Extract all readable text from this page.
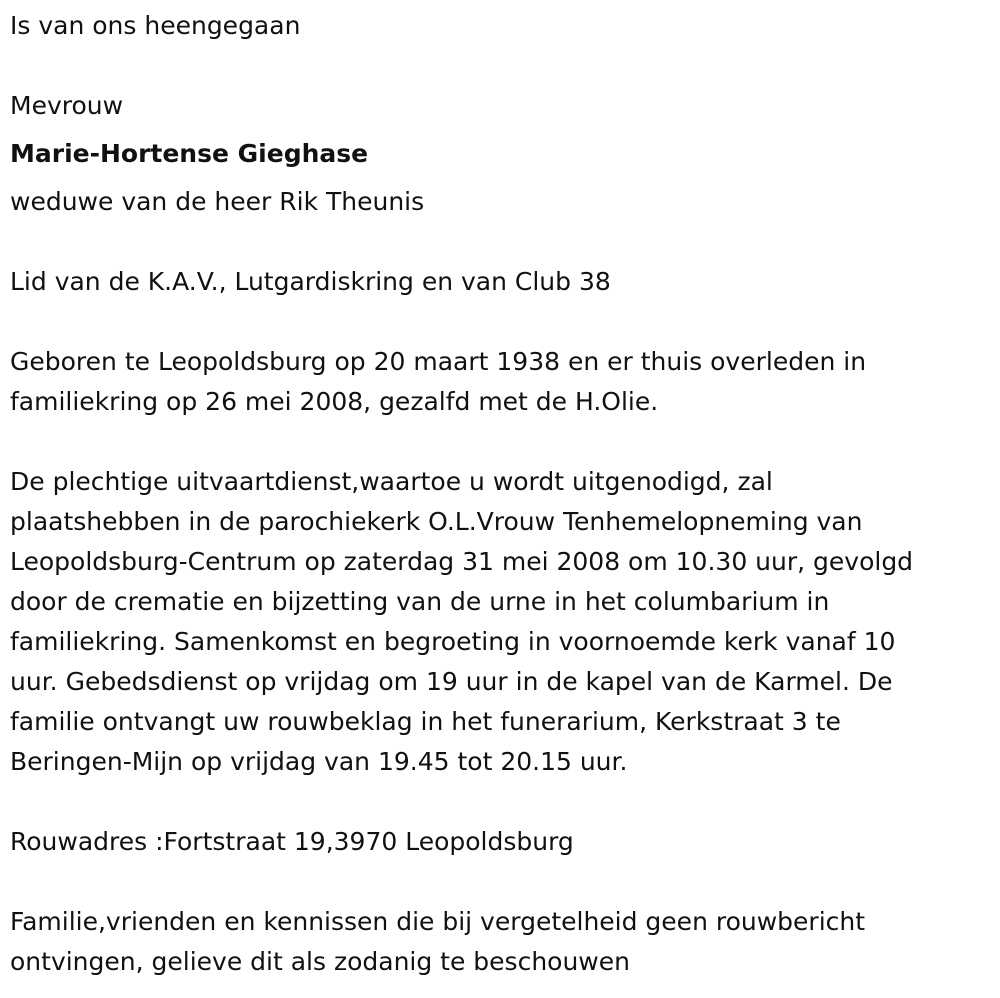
Is van ons heengegaan

Mevrouw

Marie-Hortense Gieghase

weduwe van de heer Rik Theunis

Lid van de K.A.V., Lutgardiskring en van Club 38

Geboren te Leopoldsburg op 20 maart 1938 en er thuis overleden in
familiekring op 26 mei 2008, gezalfd met de H.Olie.

De plechtige uitvaartdienst,waartoe u wordt uitgenodigd, zal
plaatshebben in de parochiekerk O.L.Vrouw Tenhemelopneming van
Leopoldsburg-Centrum op zaterdag 31 mei 2008 om 10.30 uur, gevolgd
door de crematie en bijzetting van de urne in het columbarium in
familiekring. Samenkomst en begroeting in voornoemde kerk vanaf 10
uur. Gebedsdienst op vrijdag om 19 uur in de kapel van de Karmel. De
familie ontvangt uw rouwbeklag in het funerarium, Kerkstraat 3 te
Beringen-Mijn op vrijdag van 19.45 tot 20.15 uur.

Rouwadres :Fortstraat 19,3970 Leopoldsburg

Familie,vrienden en kennissen die bij vergetelheid geen rouwbericht
ontvingen, gelieve dit als zodanig te beschouwen
